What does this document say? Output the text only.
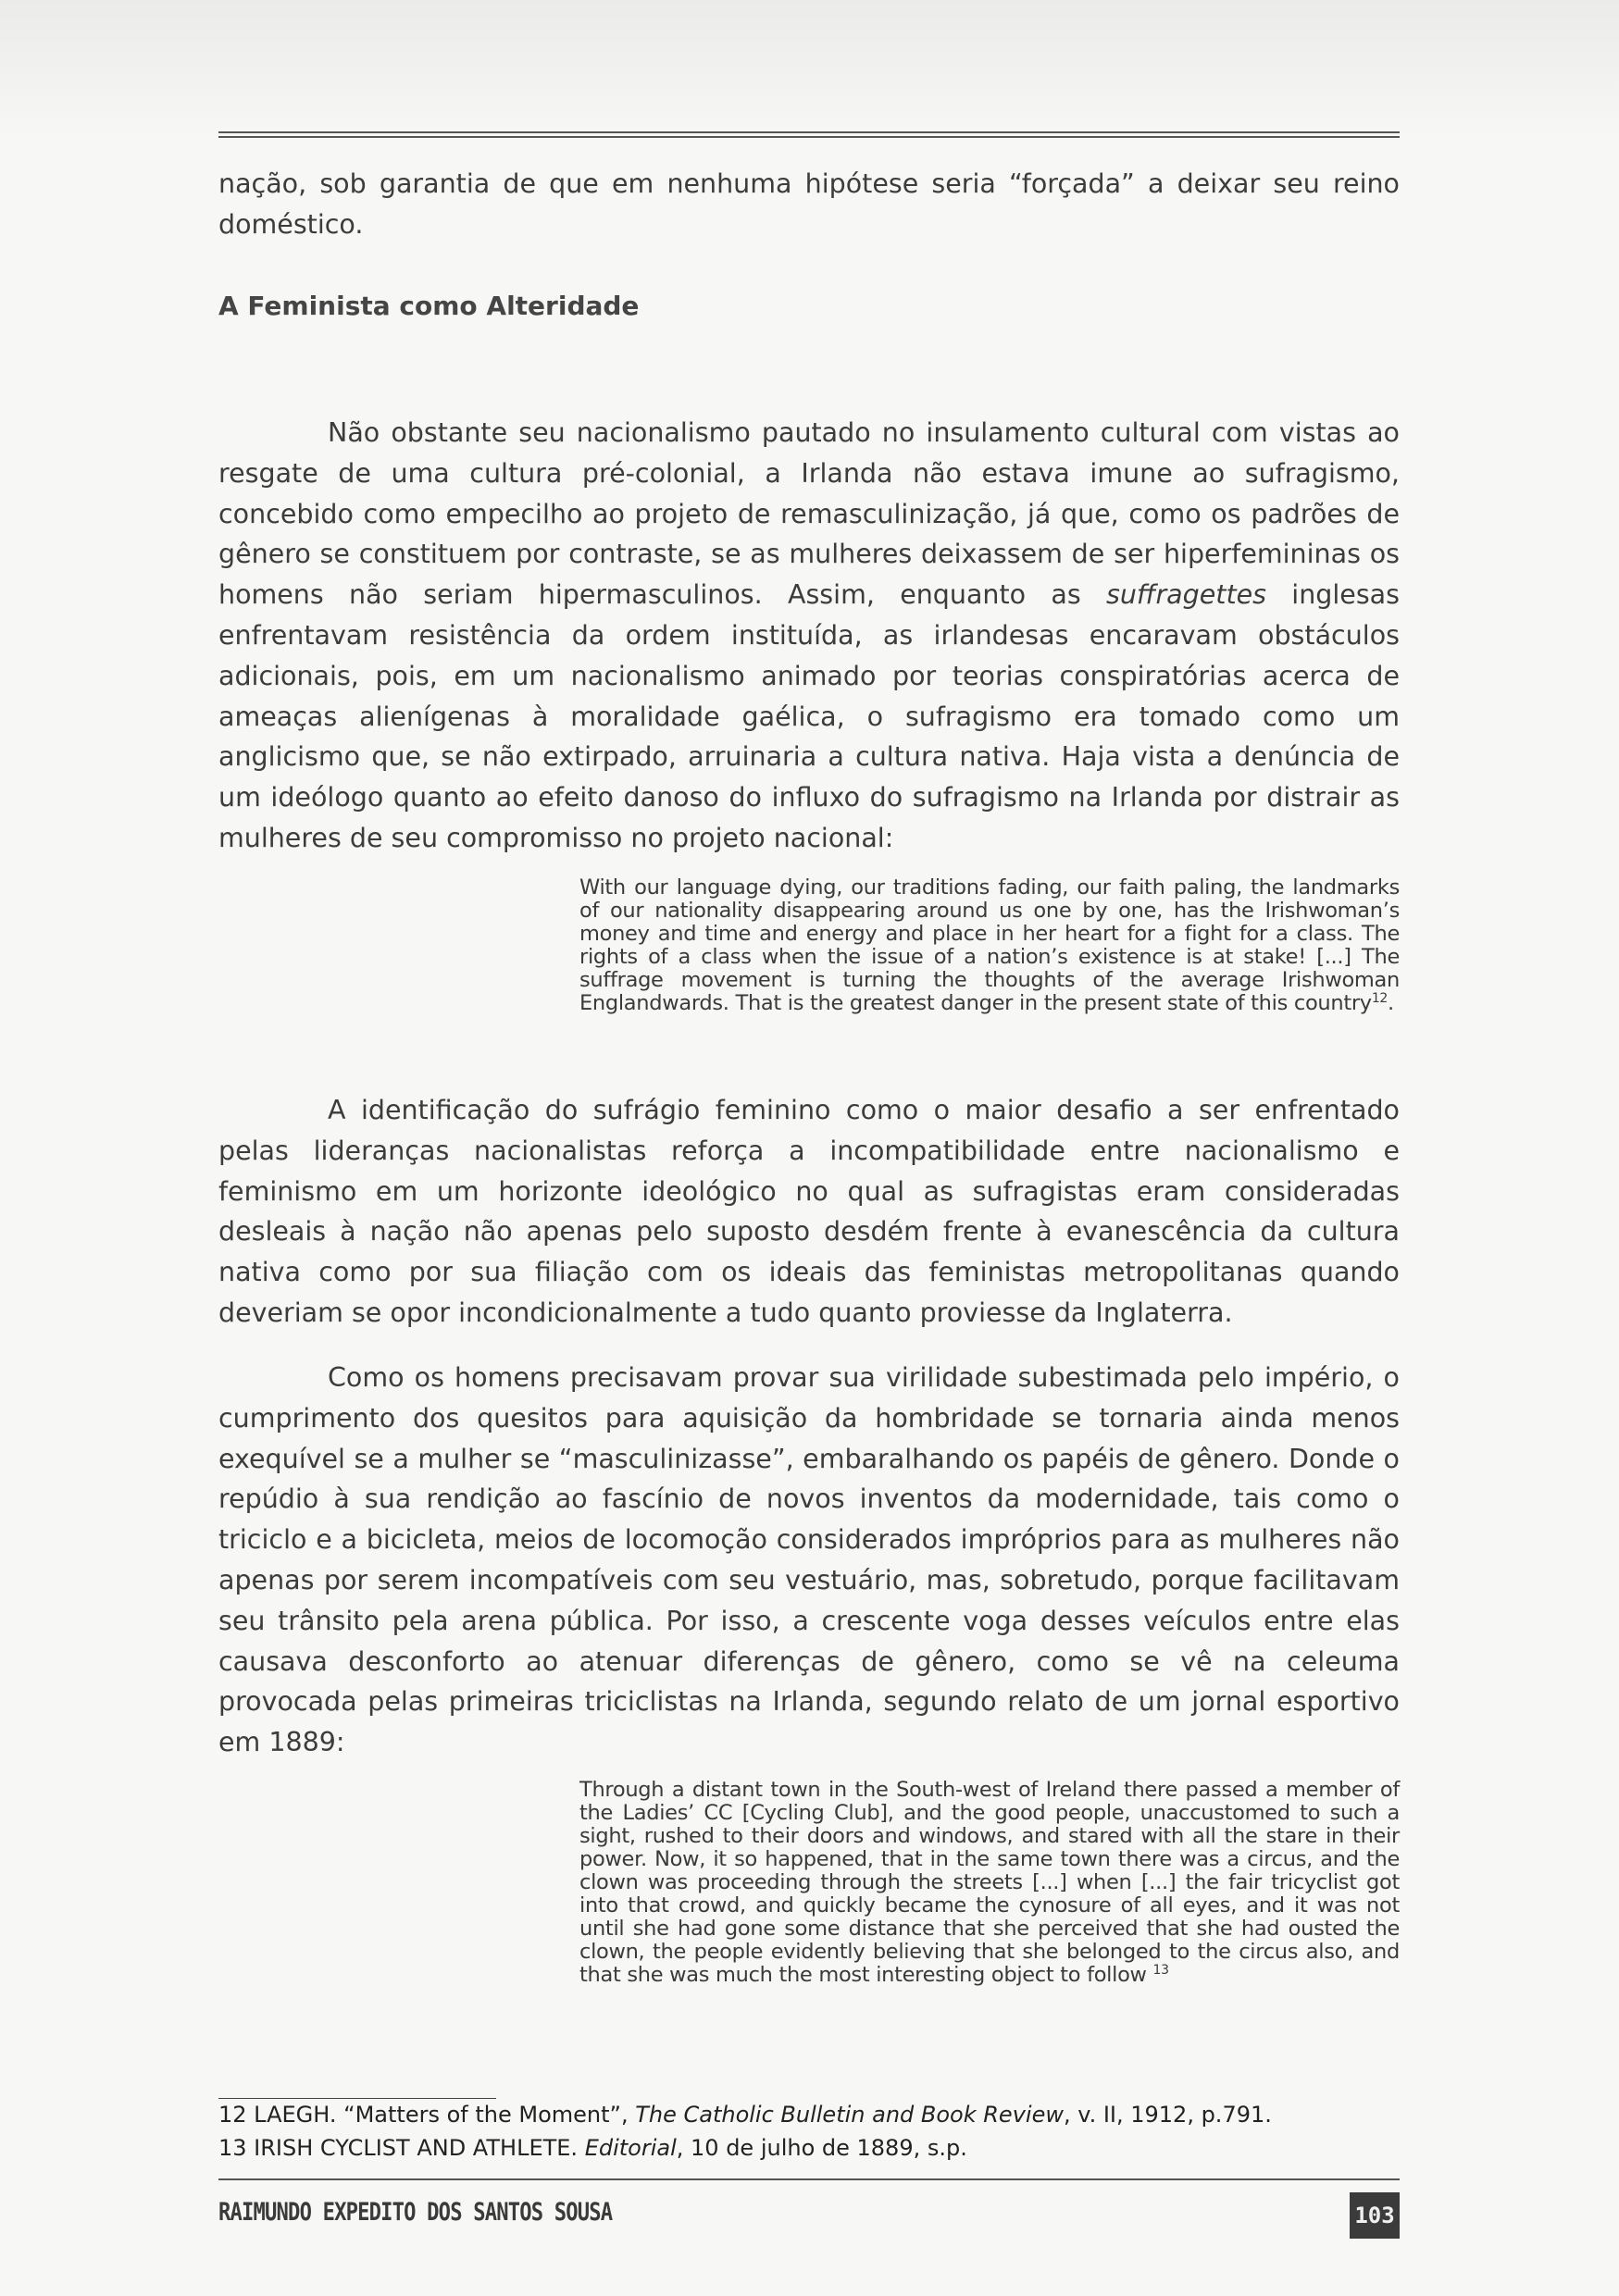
nação, sob garantia de que em nenhuma hipótese seria “forçada” a deixar seu reino doméstico.

A Feminista como Alteridade

Não obstante seu nacionalismo pautado no insulamento cultural com vistas ao resgate de uma cultura pré-colonial, a Irlanda não estava imune ao sufragismo, concebido como empecilho ao projeto de remasculinização, já que, como os padrões de gênero se constituem por contraste, se as mulheres deixassem de ser hiperfemininas os homens não seriam hipermasculinos. Assim, enquanto as suffragettes inglesas enfrentavam resistência da ordem instituída, as irlandesas encaravam obstáculos adicionais, pois, em um nacionalismo animado por teorias conspiratórias acerca de ameaças alienígenas à moralidade gaélica, o sufragismo era tomado como um anglicismo que, se não extirpado, arruinaria a cultura nativa. Haja vista a denúncia de um ideólogo quanto ao efeito danoso do influxo do sufragismo na Irlanda por distrair as mulheres de seu compromisso no projeto nacional:

With our language dying, our traditions fading, our faith paling, the landmarks of our nationality disappearing around us one by one, has the Irishwoman’s money and time and energy and place in her heart for a fight for a class. The rights of a class when the issue of a nation’s existence is at stake! [...] The suffrage movement is turning the thoughts of the average Irishwoman Englandwards. That is the greatest danger in the present state of this country$^{12}$.

A identificação do sufrágio feminino como o maior desafio a ser enfrentado pelas lideranças nacionalistas reforça a incompatibilidade entre nacionalismo e feminismo em um horizonte ideológico no qual as sufragistas eram consideradas desleais à nação não apenas pelo suposto desdém frente à evanescência da cultura nativa como por sua filiação com os ideais das feministas metropolitanas quando deveriam se opor incondicionalmente a tudo quanto proviesse da Inglaterra.

Como os homens precisavam provar sua virilidade subestimada pelo império, o cumprimento dos quesitos para aquisição da hombridade se tornaria ainda menos exequível se a mulher se “masculinizasse”, embaralhando os papéis de gênero. Donde o repúdio à sua rendição ao fascínio de novos inventos da modernidade, tais como o triciclo e a bicicleta, meios de locomoção considerados impróprios para as mulheres não apenas por serem incompatíveis com seu vestuário, mas, sobretudo, porque facilitavam seu trânsito pela arena pública. Por isso, a crescente voga desses veículos entre elas causava desconforto ao atenuar diferenças de gênero, como se vê na celeuma provocada pelas primeiras triciclistas na Irlanda, segundo relato de um jornal esportivo em 1889:

Through a distant town in the South-west of Ireland there passed a member of the Ladies’ CC [Cycling Club], and the good people, unaccustomed to such a sight, rushed to their doors and windows, and stared with all the stare in their power. Now, it so happened, that in the same town there was a circus, and the clown was proceeding through the streets [...] when [...] the fair tricyclist got into that crowd, and quickly became the cynosure of all eyes, and it was not until she had gone some distance that she perceived that she had ousted the clown, the people evidently believing that she belonged to the circus also, and that she was much the most interesting object to follow $^{13}$

12 LAEGH. “Matters of the Moment”, The Catholic Bulletin and Book Review, v. II, 1912, p.791.

13 IRISH CYCLIST AND ATHLETE. Editorial, 10 de julho de 1889, s.p.

RAIMUNDO EXPEDITO DOS SANTOS SOUSA	103
